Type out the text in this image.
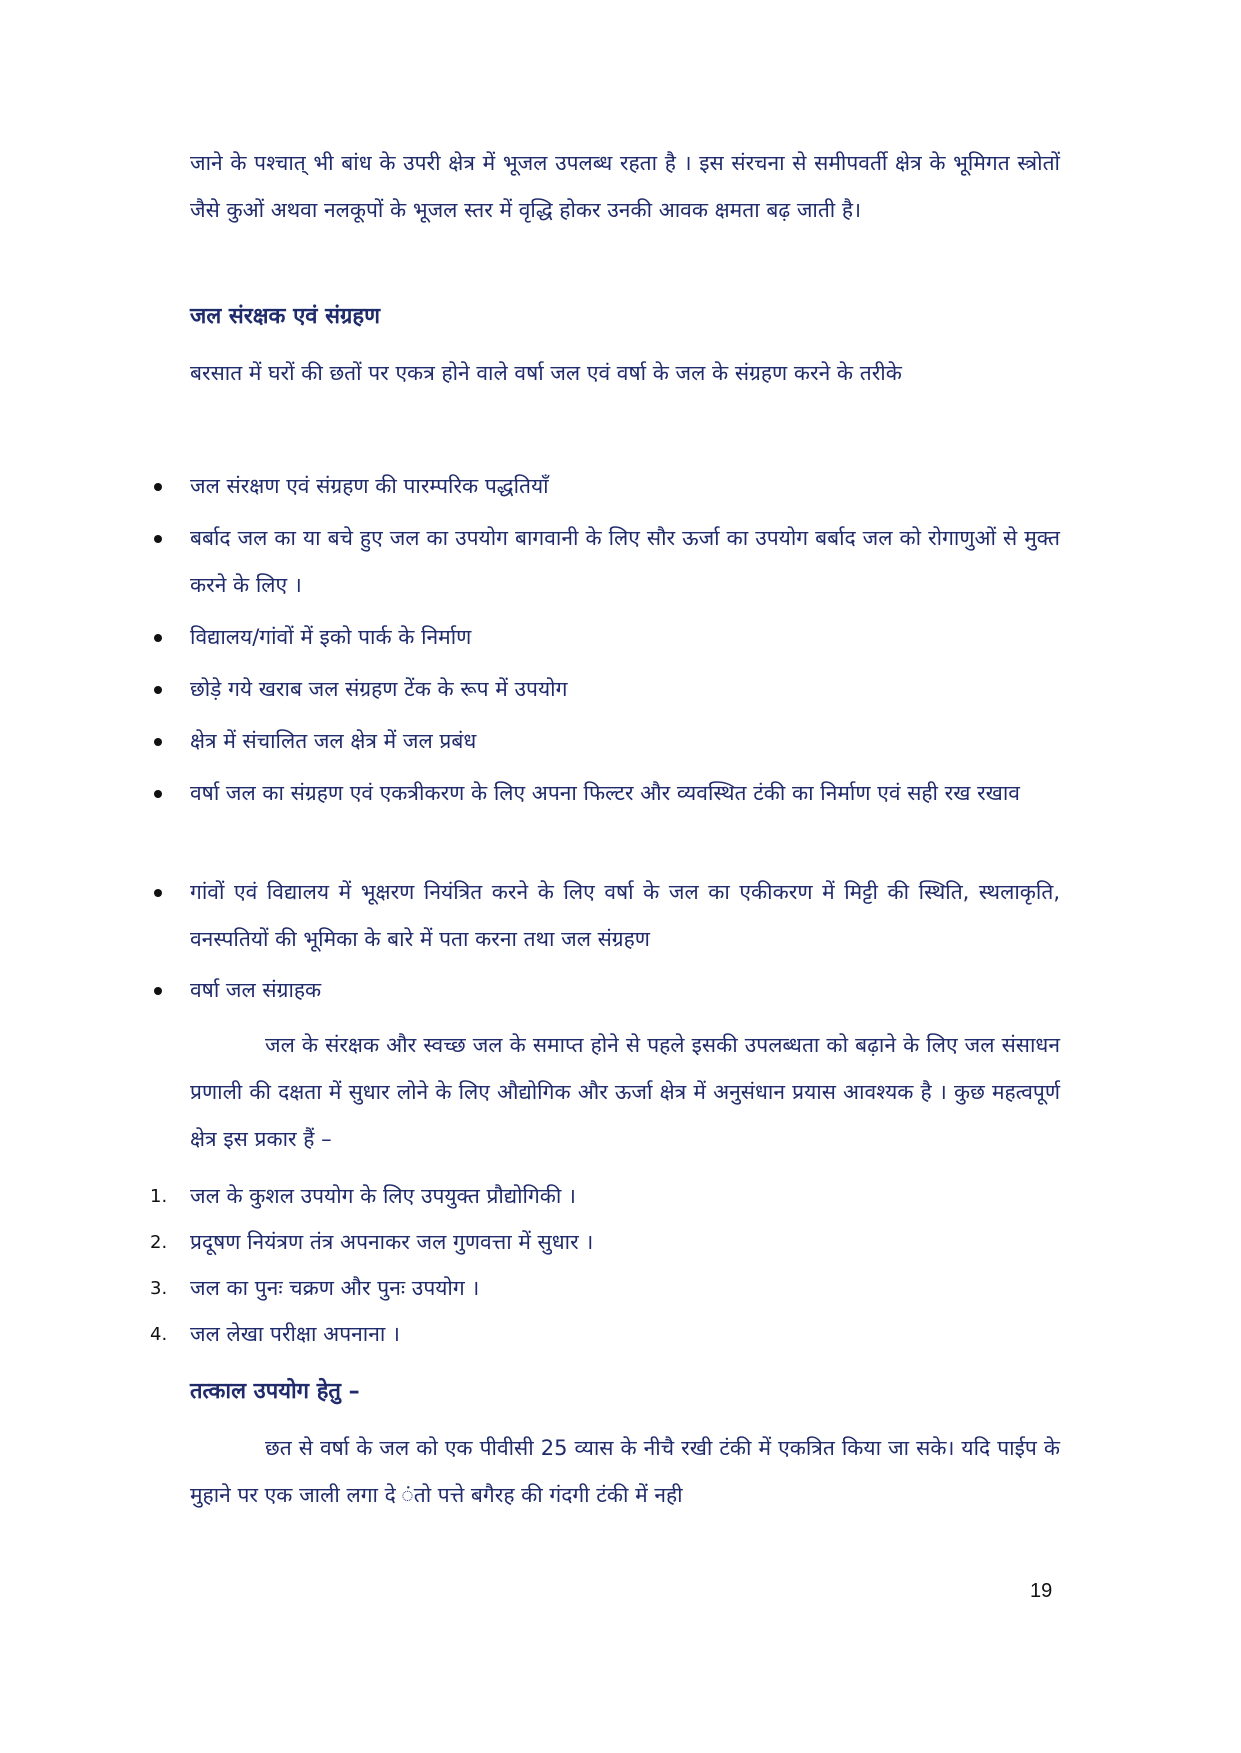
जाने के पश्चात् भी बांध के उपरी क्षेत्र में भूजल उपलब्ध रहता है । इस संरचना से समीपवर्ती क्षेत्र के भूमिगत स्त्रोतों जैसे कुओं अथवा नलकूपों के भूजल स्तर में वृद्धि होकर उनकी आवक क्षमता बढ़ जाती है।

जल संरक्षक एवं संग्रहण

बरसात में घरों की छतों पर एकत्र होने वाले वर्षा जल एवं वर्षा के जल के संग्रहण करने के तरीके

जल संरक्षण एवं संग्रहण की पारम्परिक पद्धतियाँ
बर्बाद जल का या बचे हुए जल का उपयोग बागवानी के लिए सौर ऊर्जा का उपयोग बर्बाद जल को रोगाणुओं से मुक्त करने के लिए ।
विद्यालय/गांवों में इको पार्क के निर्माण
छोड़े गये खराब जल संग्रहण टेंक के रूप में उपयोग
क्षेत्र में संचालित जल क्षेत्र में जल प्रबंध
वर्षा जल का संग्रहण एवं एकत्रीकरण के लिए अपना फिल्टर और व्यवस्थित टंकी का निर्माण एवं सही रख रखाव
गांवों एवं विद्यालय में भूक्षरण नियंत्रित करने के लिए वर्षा के जल का एकीकरण में मिट्टी की स्थिति, स्थलाकृति, वनस्पतियों की भूमिका के बारे में पता करना तथा जल संग्रहण
वर्षा जल संग्राहक

जल के संरक्षक और स्वच्छ जल के समाप्त होने से पहले इसकी उपलब्धता को बढ़ाने के लिए जल संसाधन प्रणाली की दक्षता में सुधार लोने के लिए औद्योगिक और ऊर्जा क्षेत्र में अनुसंधान प्रयास आवश्यक है । कुछ महत्वपूर्ण क्षेत्र इस प्रकार हैं –

1. जल के कुशल उपयोग के लिए उपयुक्त प्रौद्योगिकी ।
2. प्रदूषण नियंत्रण तंत्र अपनाकर जल गुणवत्ता में सुधार ।
3. जल का पुनः चक्रण और पुनः उपयोग ।
4. जल लेखा परीक्षा अपनाना ।
तत्काल उपयोग हेतु –

छत से वर्षा के जल को एक पीवीसी 25 व्यास के नीचै रखी टंकी में एकत्रित किया जा सके। यदि पाईप के मुहाने पर एक जाली लगा दे ंतो पत्ते बगैरह की गंदगी टंकी में नही

19
